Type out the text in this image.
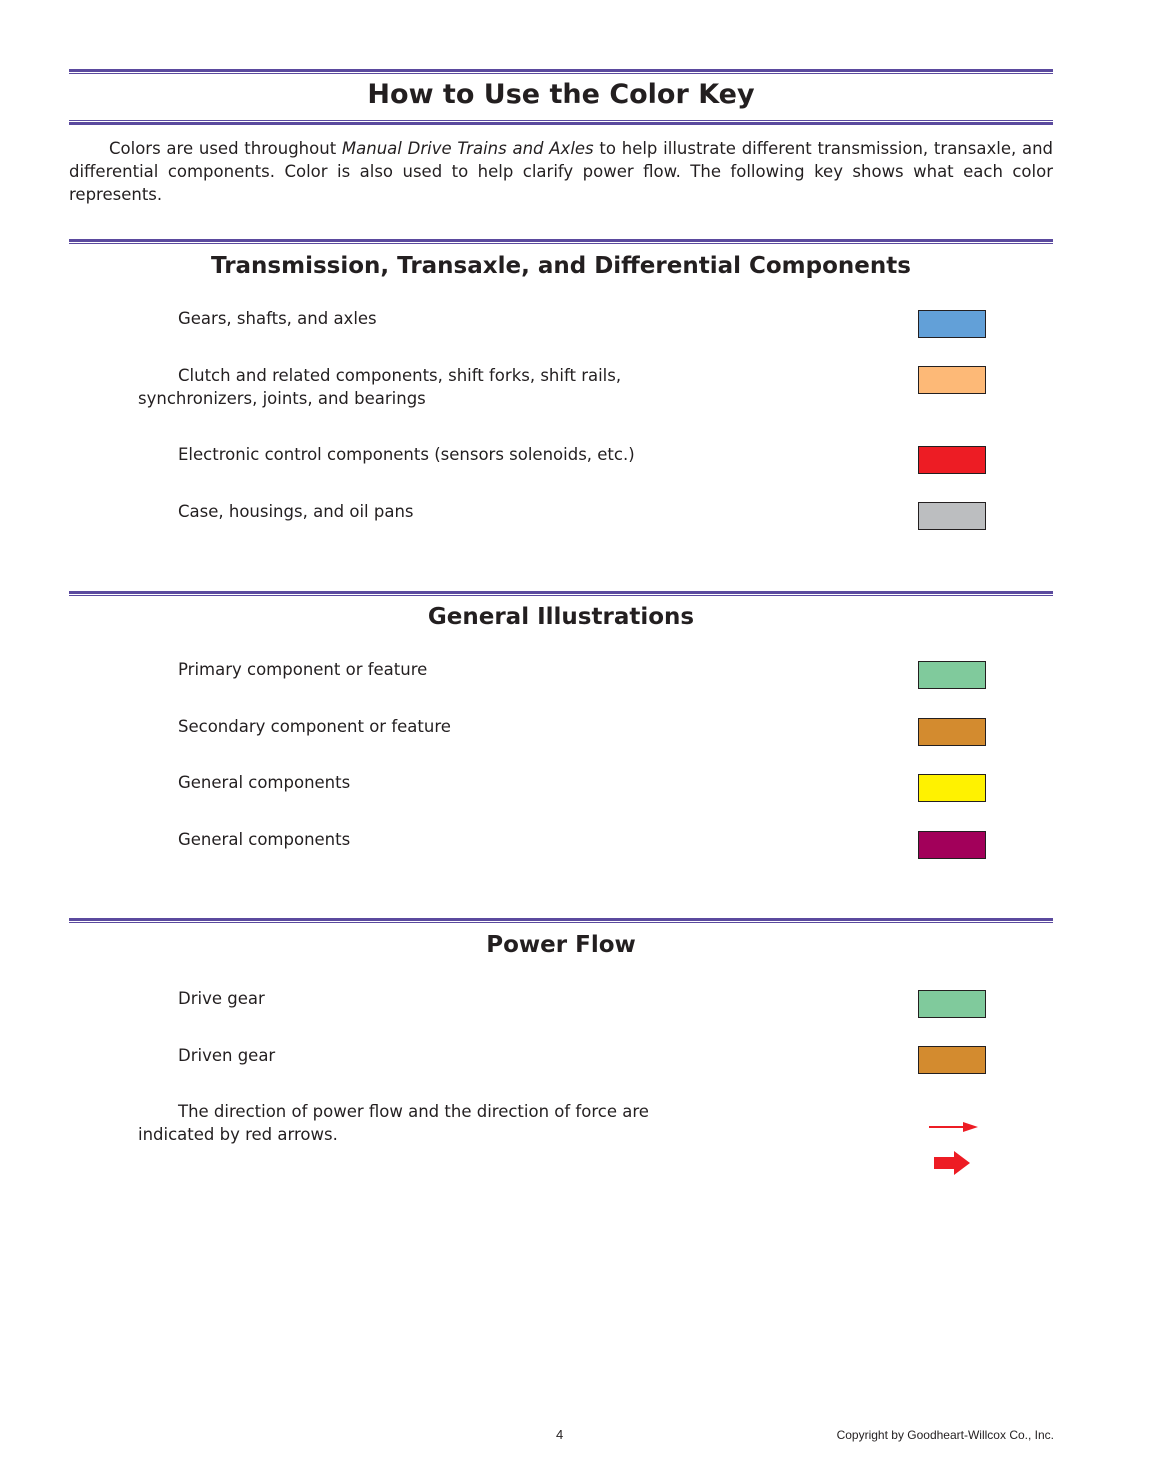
How to Use the Color Key
Colors are used throughout Manual Drive Trains and Axles to help illustrate different transmission, transaxle, and differential components. Color is also used to help clarify power flow. The following key shows what each color represents.
Transmission, Transaxle, and Differential Components
Gears, shafts, and axles
Clutch and related components, shift forks, shift rails, synchronizers, joints, and bearings
Electronic control components (sensors solenoids, etc.)
Case, housings, and oil pans
General Illustrations
Primary component or feature
Secondary component or feature
General components
General components
Power Flow
Drive gear
Driven gear
The direction of power flow and the direction of force are indicated by red arrows.
4	Copyright by Goodheart-Willcox Co., Inc.
